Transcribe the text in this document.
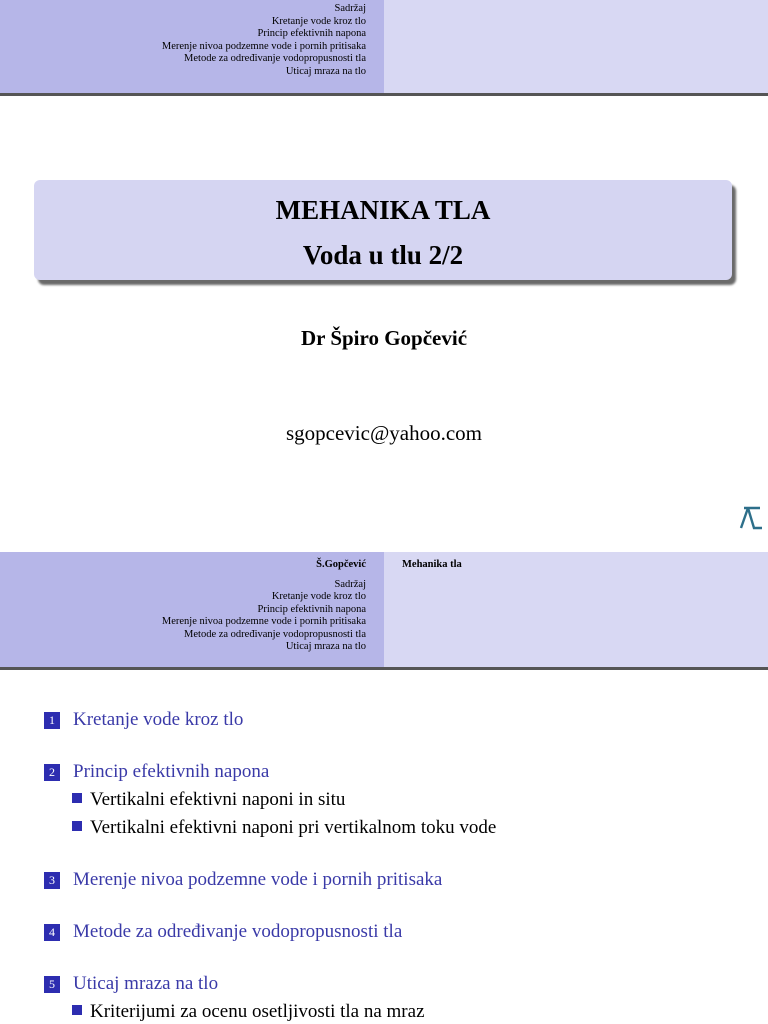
Sadržaj
Kretanje vode kroz tlo
Princip efektivnih napona
Merenje nivoa podzemne vode i pornih pritisaka
Metode za određivanje vodopropusnosti tla
Uticaj mraza na tlo
MEHANIKA TLA
Voda u tlu 2/2
Dr Špiro Gopčević
sgopcevic@yahoo.com
Š.Gopčević
Sadržaj
Kretanje vode kroz tlo
Princip efektivnih napona
Merenje nivoa podzemne vode i pornih pritisaka
Metode za određivanje vodopropusnosti tla
Uticaj mraza na tlo
Mehanika tla
1 Kretanje vode kroz tlo
2 Princip efektivnih napona
Vertikalni efektivni naponi in situ
Vertikalni efektivni naponi pri vertikalnom toku vode
3 Merenje nivoa podzemne vode i pornih pritisaka
4 Metode za određivanje vodopropusnosti tla
5 Uticaj mraza na tlo
Kriterijumi za ocenu osetljivosti tla na mraz
